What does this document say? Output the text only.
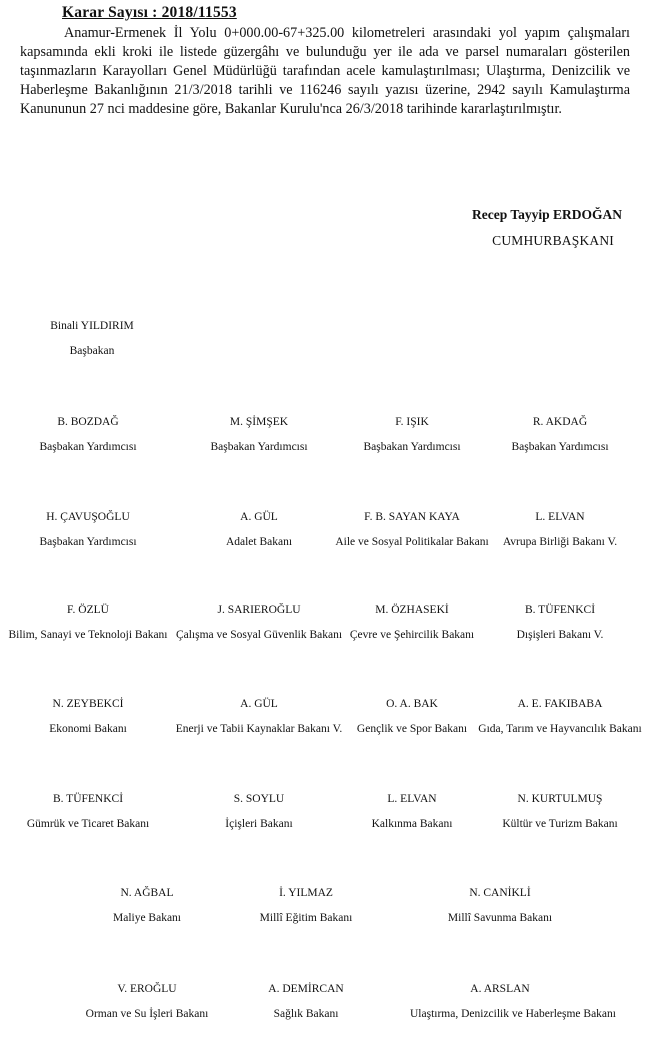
Karar Sayısı : 2018/11553
Anamur-Ermenek İl Yolu 0+000.00-67+325.00 kilometreleri arasındaki yol yapım çalışmaları kapsamında ekli kroki ile listede güzergâhı ve bulunduğu yer ile ada ve parsel numaraları gösterilen taşınmazların Karayolları Genel Müdürlüğü tarafından acele kamulaştırılması; Ulaştırma, Denizcilik ve Haberleşme Bakanlığının 21/3/2018 tarihli ve 116246 sayılı yazısı üzerine, 2942 sayılı Kamulaştırma Kanununun 27 nci maddesine göre, Bakanlar Kurulu'nca 26/3/2018 tarihinde kararlaştırılmıştır.
Recep Tayyip ERDOĞAN
CUMHURBAŞKANI
Binali YILDIRIM
Başbakan
B. BOZDAĞ
Başbakan Yardımcısı
M. ŞİMŞEK
Başbakan Yardımcısı
F. IŞIK
Başbakan Yardımcısı
R. AKDAĞ
Başbakan Yardımcısı
H. ÇAVUŞOĞLU
Başbakan Yardımcısı
A. GÜL
Adalet Bakanı
F. B. SAYAN KAYA
Aile ve Sosyal Politikalar Bakanı
L. ELVAN
Avrupa Birliği Bakanı V.
F. ÖZLÜ
Bilim, Sanayi ve Teknoloji Bakanı
J. SARIEROĞLU
Çalışma ve Sosyal Güvenlik Bakanı
M. ÖZHASEKİ
Çevre ve Şehircilik Bakanı
B. TÜFENKCİ
Dışişleri Bakanı V.
N. ZEYBEKCİ
Ekonomi Bakanı
A. GÜL
Enerji ve Tabii Kaynaklar Bakanı V.
O. A. BAK
Gençlik ve Spor Bakanı
A. E. FAKIBABA
Gıda, Tarım ve Hayvancılık Bakanı
B. TÜFENKCİ
Gümrük ve Ticaret Bakanı
S. SOYLU
İçişleri Bakanı
L. ELVAN
Kalkınma Bakanı
N. KURTULMUŞ
Kültür ve Turizm Bakanı
N. AĞBAL
Maliye Bakanı
İ. YILMAZ
Millî Eğitim Bakanı
N. CANİKLİ
Millî Savunma Bakanı
V. EROĞLU
Orman ve Su İşleri Bakanı
A. DEMİRCAN
Sağlık Bakanı
A. ARSLAN
Ulaştırma, Denizcilik ve Haberleşme Bakanı
